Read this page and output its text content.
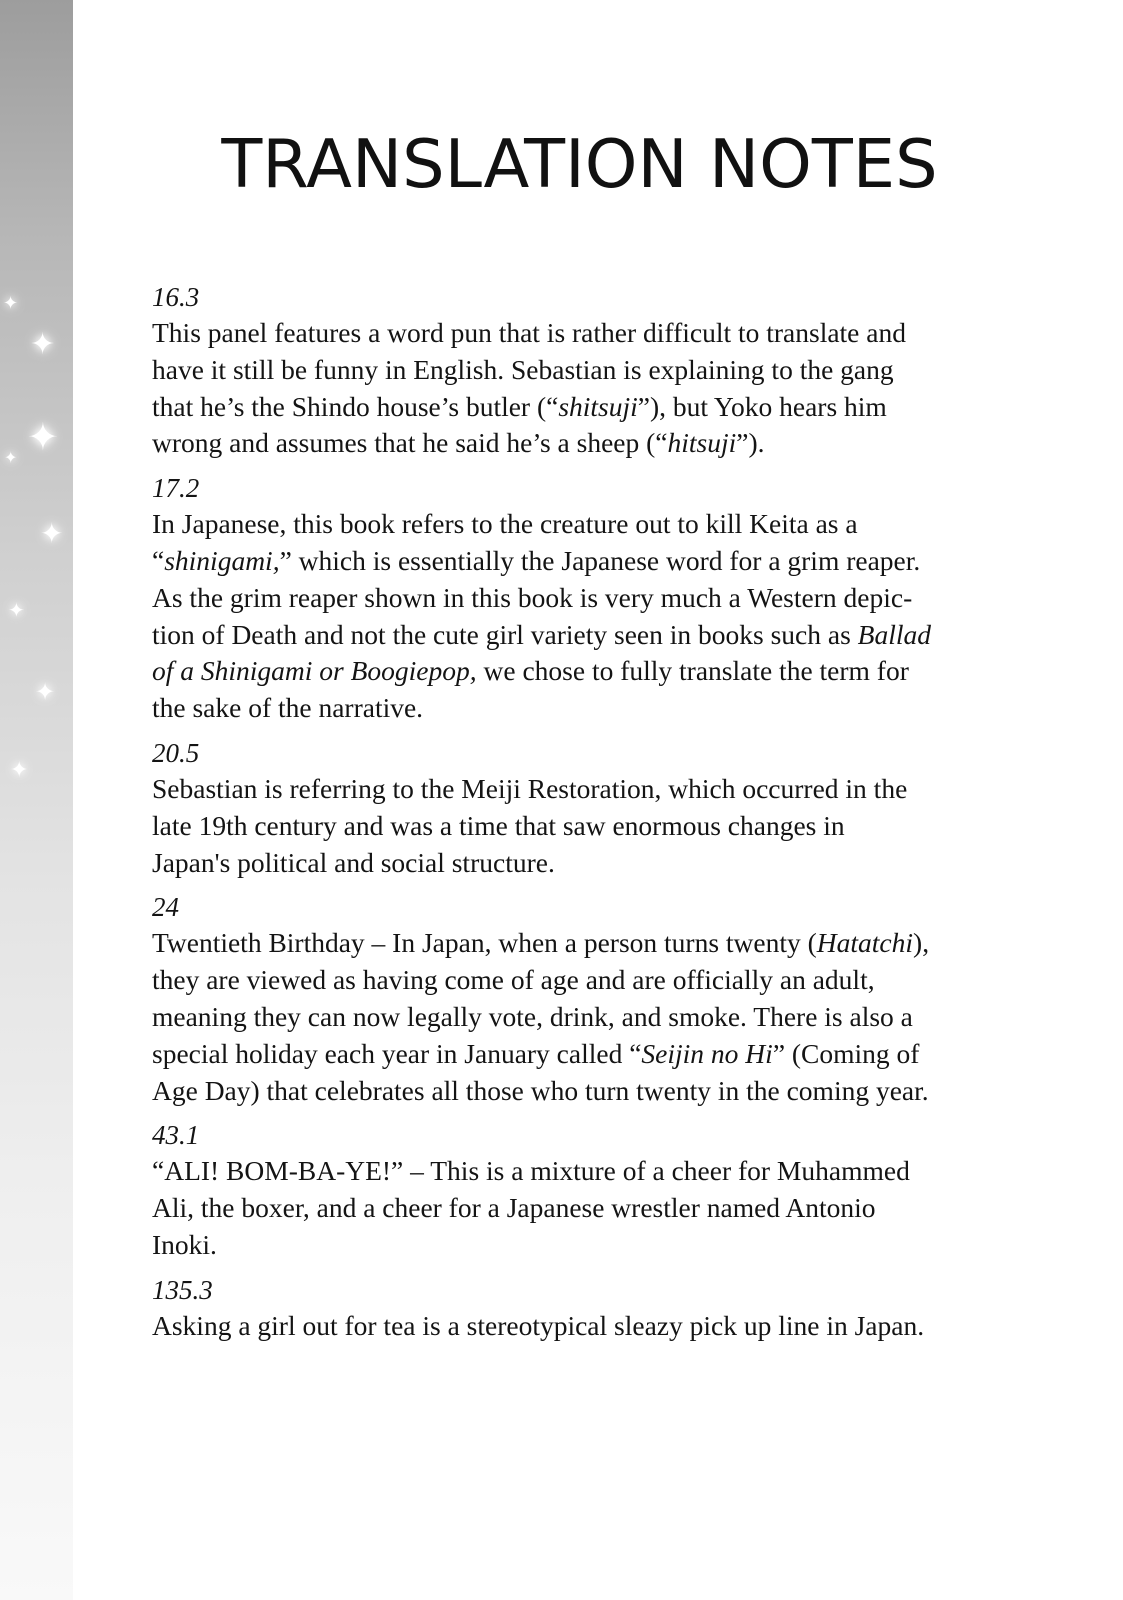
✦
✦
✦
✦
✦
✦
✦
✦
TRANSLATION NOTES
16.3
This panel features a word pun that is rather difficult to translate and
have it still be funny in English. Sebastian is explaining to the gang
that he’s the Shindo house’s butler (“shitsuji”), but Yoko hears him
wrong and assumes that he said he’s a sheep (“hitsuji”).
17.2
In Japanese, this book refers to the creature out to kill Keita as a
“shinigami,” which is essentially the Japanese word for a grim reaper.
As the grim reaper shown in this book is very much a Western depic-
tion of Death and not the cute girl variety seen in books such as Ballad
of a Shinigami or Boogiepop, we chose to fully translate the term for
the sake of the narrative.
20.5
Sebastian is referring to the Meiji Restoration, which occurred in the
late 19th century and was a time that saw enormous changes in
Japan's political and social structure.
24
Twentieth Birthday – In Japan, when a person turns twenty (Hatatchi),
they are viewed as having come of age and are officially an adult,
meaning they can now legally vote, drink, and smoke. There is also a
special holiday each year in January called “Seijin no Hi” (Coming of
Age Day) that celebrates all those who turn twenty in the coming year.
43.1
“ALI! BOM-BA-YE!” – This is a mixture of a cheer for Muhammed
Ali, the boxer, and a cheer for a Japanese wrestler named Antonio
Inoki.
135.3
Asking a girl out for tea is a stereotypical sleazy pick up line in Japan.
